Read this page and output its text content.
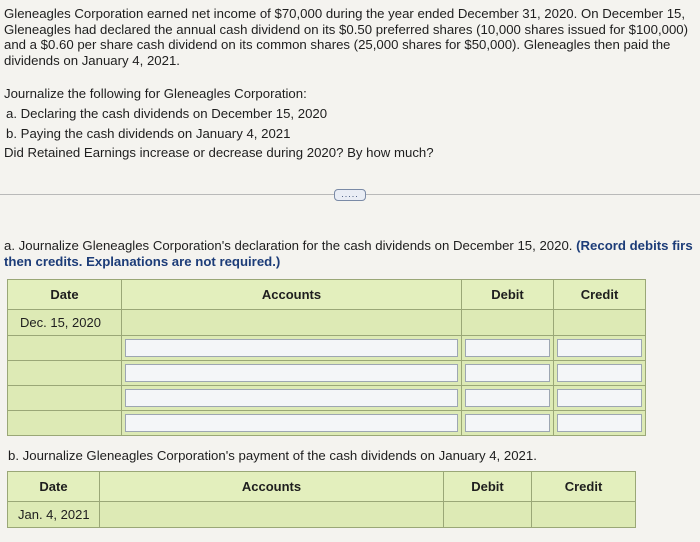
Gleneagles Corporation earned net income of $70,000 during the year ended December 31, 2020. On December 15,
Gleneagles had declared the annual cash dividend on its $0.50 preferred shares (10,000 shares issued for $100,000)
and a $0.60 per share cash dividend on its common shares (25,000 shares for $50,000). Gleneagles then paid the
dividends on January 4, 2021.
Journalize the following for Gleneagles Corporation:
a. Declaring the cash dividends on December 15, 2020
b. Paying the cash dividends on January 4, 2021
Did Retained Earnings increase or decrease during 2020? By how much?
.....
a. Journalize Gleneagles Corporation's declaration for the cash dividends on December 15, 2020. (Record debits firs
then credits. Explanations are not required.)
Date	Accounts	Debit	Credit
Dec. 15, 2020			

b. Journalize Gleneagles Corporation's payment of the cash dividends on January 4, 2021.
Date	Accounts	Debit	Credit
Jan. 4, 2021			
